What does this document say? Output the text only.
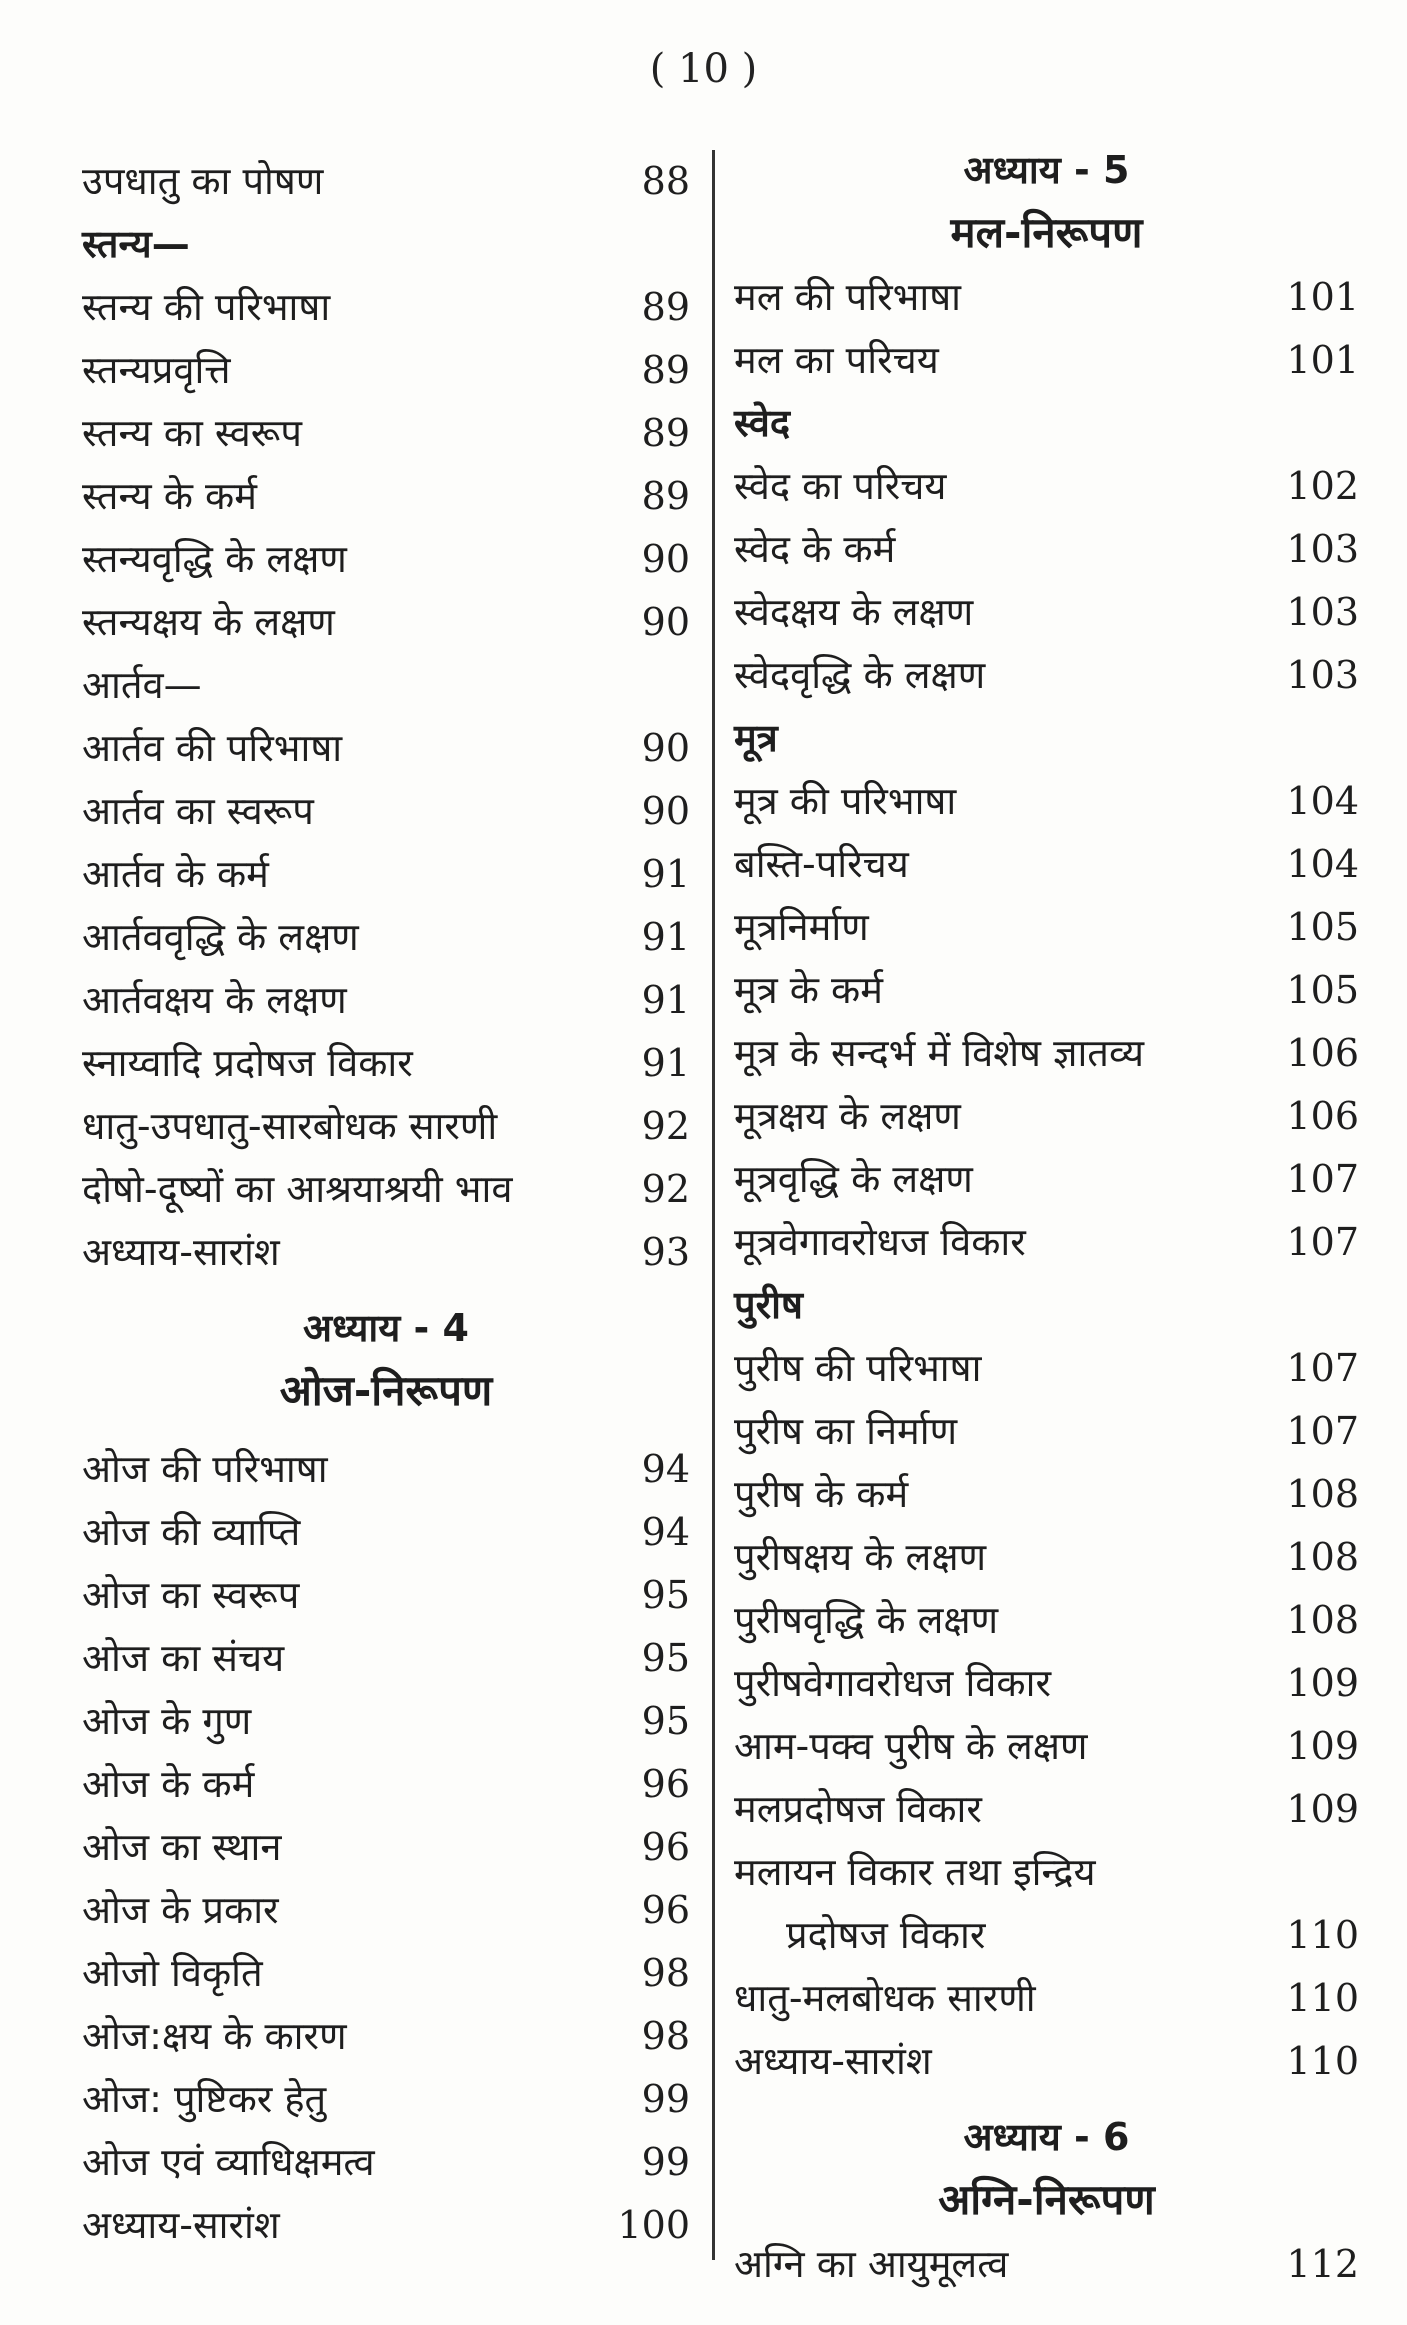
( 10 )
उपधातु का पोषण	88
स्तन्य—
स्तन्य की परिभाषा	89
स्तन्यप्रवृत्ति	89
स्तन्य का स्वरूप	89
स्तन्य के कर्म	89
स्तन्यवृद्धि के लक्षण	90
स्तन्यक्षय के लक्षण	90
आर्तव—
आर्तव की परिभाषा	90
आर्तव का स्वरूप	90
आर्तव के कर्म	91
आर्तववृद्धि के लक्षण	91
आर्तवक्षय के लक्षण	91
स्नाय्वादि प्रदोषज विकार	91
धातु-उपधातु-सारबोधक सारणी	92
दोषो-दूष्यों का आश्रयाश्रयी भाव	92
अध्याय-सारांश	93
अध्याय - 4
ओज-निरूपण
ओज की परिभाषा	94
ओज की व्याप्ति	94
ओज का स्वरूप	95
ओज का संचय	95
ओज के गुण	95
ओज के कर्म	96
ओज का स्थान	96
ओज के प्रकार	96
ओजो विकृति	98
ओज:क्षय के कारण	98
ओज: पुष्टिकर हेतु	99
ओज एवं व्याधिक्षमत्व	99
अध्याय-सारांश	100
अध्याय - 5
मल-निरूपण
मल की परिभाषा	101
मल का परिचय	101
स्वेद
स्वेद का परिचय	102
स्वेद के कर्म	103
स्वेदक्षय के लक्षण	103
स्वेदवृद्धि के लक्षण	103
मूत्र
मूत्र की परिभाषा	104
बस्ति-परिचय	104
मूत्रनिर्माण	105
मूत्र के कर्म	105
मूत्र के सन्दर्भ में विशेष ज्ञातव्य	106
मूत्रक्षय के लक्षण	106
मूत्रवृद्धि के लक्षण	107
मूत्रवेगावरोधज विकार	107
पुरीष
पुरीष की परिभाषा	107
पुरीष का निर्माण	107
पुरीष के कर्म	108
पुरीषक्षय के लक्षण	108
पुरीषवृद्धि के लक्षण	108
पुरीषवेगावरोधज विकार	109
आम-पक्व पुरीष के लक्षण	109
मलप्रदोषज विकार	109
मलायन विकार तथा इन्द्रिय
प्रदोषज विकार	110
धातु-मलबोधक सारणी	110
अध्याय-सारांश	110
अध्याय - 6
अग्नि-निरूपण
अग्नि का आयुमूलत्व	112
